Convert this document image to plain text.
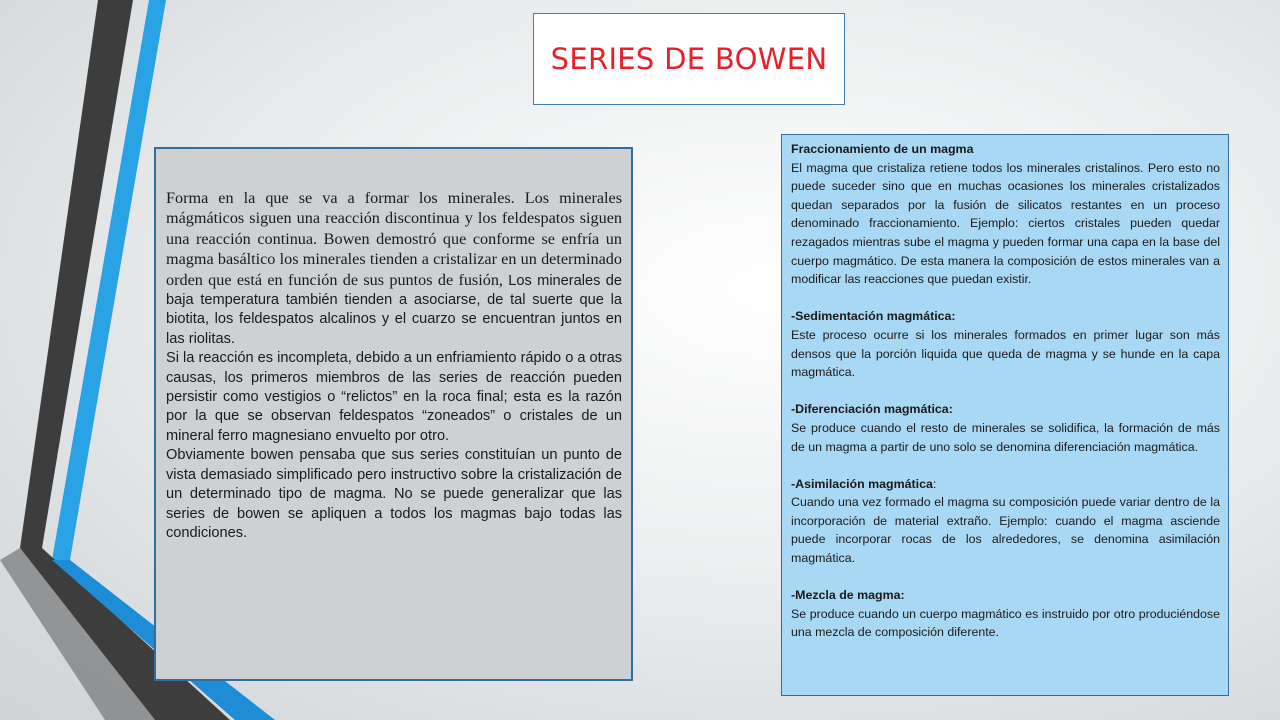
SERIES DE BOWEN

Forma en la que se va a formar los minerales. Los minerales mágmáticos siguen una reacción discontinua y los feldespatos siguen una reacción continua. Bowen demostró que conforme se enfría un magma basáltico los minerales tienden a cristalizar en un determinado orden que está en función de sus puntos de fusión, Los minerales de baja temperatura también tienden a asociarse, de tal suerte que la biotita, los feldespatos alcalinos y el cuarzo se encuentran juntos en las riolitas.

Si la reacción es incompleta, debido a un enfriamiento rápido o a otras causas, los primeros miembros de las series de reacción pueden persistir como vestigios o “relictos” en la roca final; esta es la razón por la que se observan feldespatos “zoneados” o cristales de un mineral ferro magnesiano envuelto por otro.

Obviamente bowen pensaba que sus series constituían un punto de vista demasiado simplificado pero instructivo sobre la cristalización de un determinado tipo de magma. No se puede generalizar que las series de bowen se apliquen a todos los magmas bajo todas las condiciones.

Fraccionamiento de un magma

El magma que cristaliza retiene todos los minerales cristalinos. Pero esto no puede suceder sino que en muchas ocasiones los minerales cristalizados quedan separados por la fusión de silicatos restantes en un proceso denominado fraccionamiento. Ejemplo: ciertos cristales pueden quedar rezagados mientras sube el magma y pueden formar una capa en la base del cuerpo magmático. De esta manera la composición de estos minerales van a modificar las reacciones que puedan existir.

-Sedimentación magmática:

Este proceso ocurre si los minerales formados en primer lugar son más densos que la porción liquida que queda de magma y se hunde en la capa magmática.

-Diferenciación magmática:

Se produce cuando el resto de minerales se solidifica, la formación de más de un magma a partir de uno solo se denomina diferenciación magmática.

-Asimilación magmática:

Cuando una vez formado el magma su composición puede variar dentro de la incorporación de material extraño. Ejemplo: cuando el magma asciende puede incorporar rocas de los alrededores, se denomina asimilación magmática.

-Mezcla de magma:

Se produce cuando un cuerpo magmático es instruido por otro produciéndose una mezcla de composición diferente.
